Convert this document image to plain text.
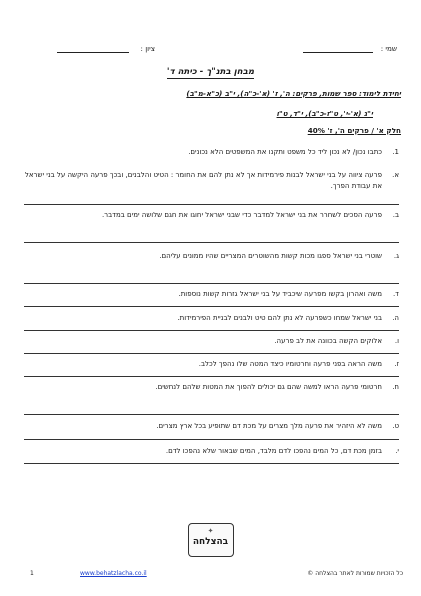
שמי :
ציון :
מבחן בתנ"ך - כיתה ד'
יחידת לימוד: ספר שמות, פרקים: ה', ז' (א'-כ"ה), י"ב (כ"א-מ"ב)
י"ג (א'-י', ט"ז-כ"ב), י"ד, ט"ו
חלק א' / פרקים ה', ז' 40%
1.
כתבו נכון/ לא נכון ליד כל משפט ותקנו את המשפטים הלא נכונים.
א.
פרעה ציווה על בני ישראל לבנות פירמידות אך לא נתן להם את החומר : הטיט והלבנים, ובכך פרעה היקשה על בני ישראל את עבודת הפרך.
ב.
פרעה הסכים לשחרר את בני ישראל למדבר כדי שבני ישראל יחוגו את חגם שלושה ימים במדבר.
ג.
שוטרי בני ישראל ספגו מכות קשות מהשוטרים המצריים שהיו ממונים עליהם.
ד.
משה ואהרון בקשו מפרעה שיכביד על בני ישראל גזרות קשות נוספות.
ה.
בני ישראל שמחו כשפרעה לא נתן להם טיט ולבנים לבניית הפירמידות.
ו.
אלוקים הקשה בכוונה את לב פרעה.
ז.
משה הראה בפני פרעה וחרטומיו כיצד המטה שלו נהפך לכלב.
ח.
חרטומי פרעה הראו למשה שהם גם יכולים להפוך את המטות שלהם לנחשים.
ט.
משה לא היזהיר את פרעה מלך מצרים על מכת דם שתופיע בכל ארץ מצרים.
י.
בזמן מכת דם, כל המים נהפכו לדם מלבד, המים שבאור שלא נהפכו לדם.
✦
בהצלחה
כל הזכויות שמורות לאתר בהצלחה ©
www.behatzlacha.co.il
1
